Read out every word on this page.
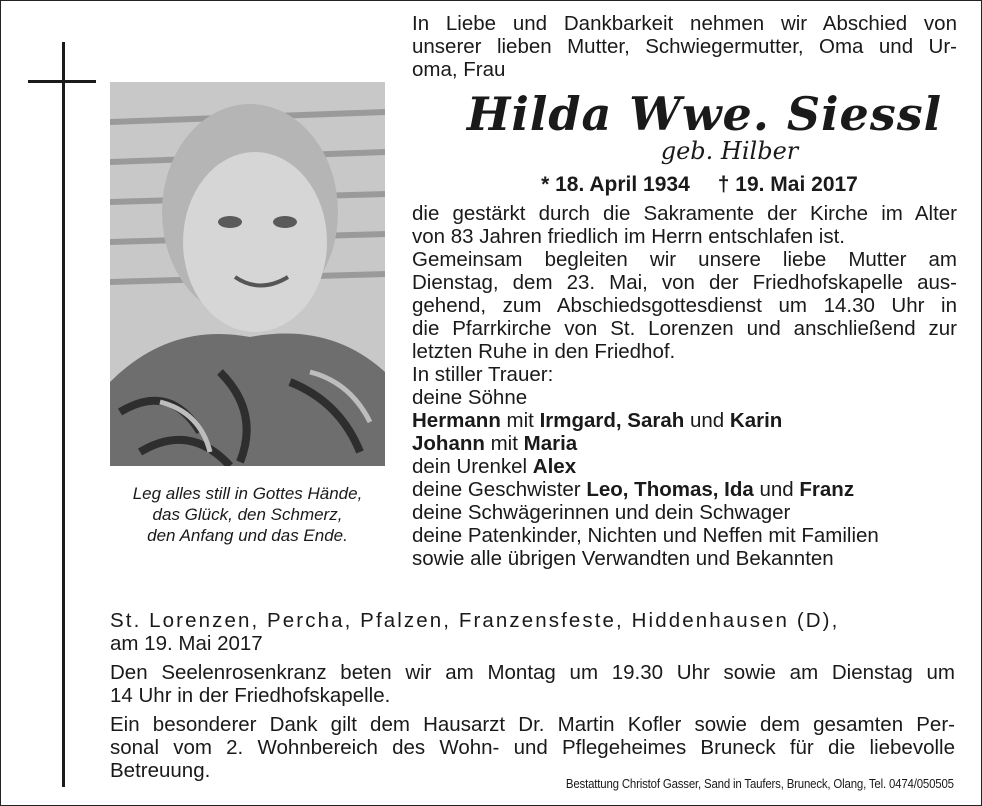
Leg alles still in Gottes Hände,
das Glück, den Schmerz,
den Anfang und das Ende.
In Liebe und Dankbarkeit nehmen wir Abschied von
unserer lieben Mutter, Schwiegermutter, Oma und Ur-
oma, Frau
Hilda Wwe. Siessl
geb. Hilber
* 18. April 1934 † 19. Mai 2017
die gestärkt durch die Sakramente der Kirche im Alter
von 83 Jahren friedlich im Herrn entschlafen ist.
Gemeinsam begleiten wir unsere liebe Mutter am
Dienstag, dem 23. Mai, von der Friedhofskapelle aus-
gehend, zum Abschiedsgottesdienst um 14.30 Uhr in
die Pfarrkirche von St. Lorenzen und anschließend zur
letzten Ruhe in den Friedhof.
In stiller Trauer:
deine Söhne
Hermann mit Irmgard, Sarah und Karin
Johann mit Maria
dein Urenkel Alex
deine Geschwister Leo, Thomas, Ida und Franz
deine Schwägerinnen und dein Schwager
deine Patenkinder, Nichten und Neffen mit Familien
sowie alle übrigen Verwandten und Bekannten
St. Lorenzen, Percha, Pfalzen, Franzensfeste, Hiddenhausen (D),
am 19. Mai 2017
Den Seelenrosenkranz beten wir am Montag um 19.30 Uhr sowie am Dienstag um
14 Uhr in der Friedhofskapelle.
Ein besonderer Dank gilt dem Hausarzt Dr. Martin Kofler sowie dem gesamten Per-
sonal vom 2. Wohnbereich des Wohn- und Pflegeheimes Bruneck für die liebevolle
Betreuung.
Bestattung Christof Gasser, Sand in Taufers, Bruneck, Olang, Tel. 0474/050505
